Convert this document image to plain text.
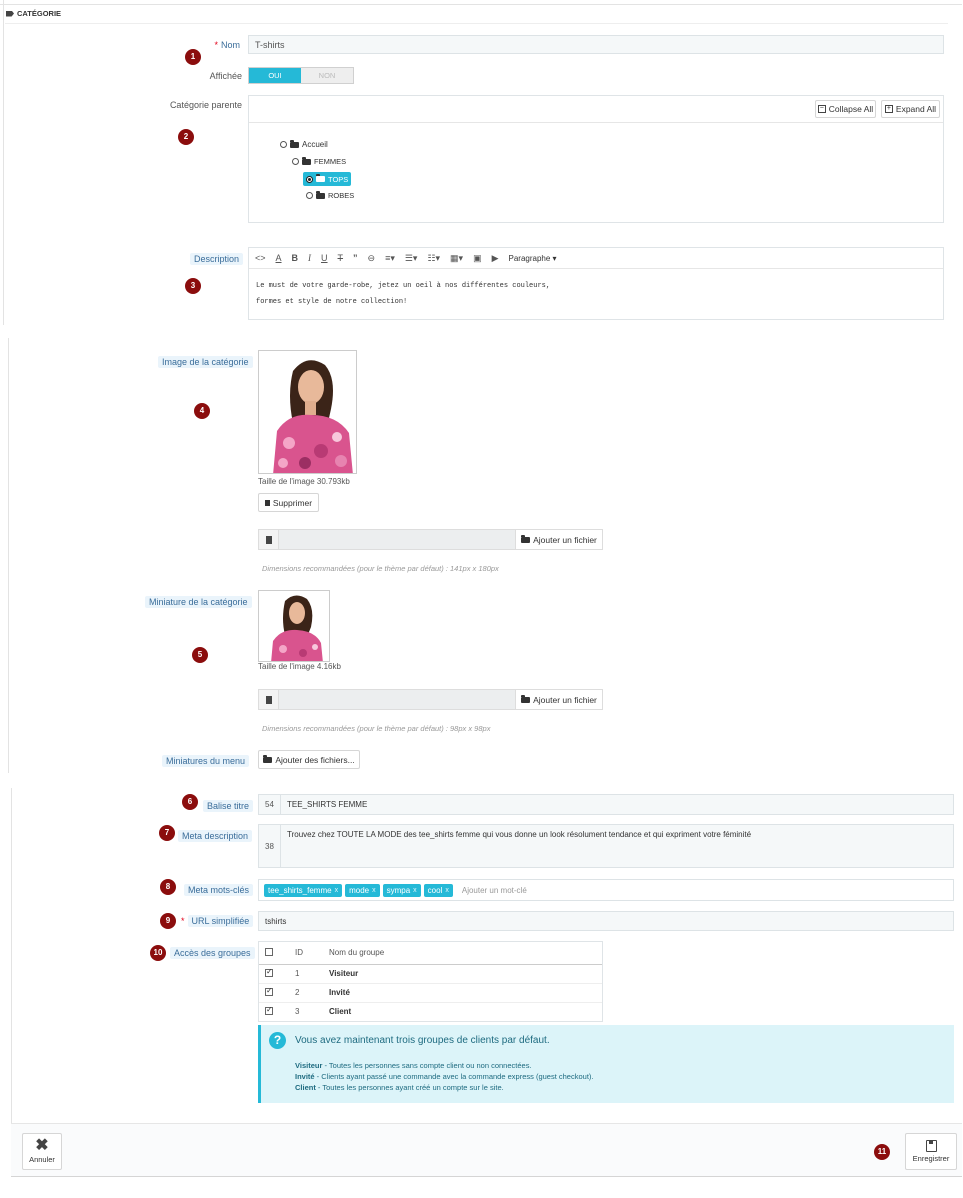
CATÉGORIE
1
* Nom	T-shirts
Affichée	OUI	NON
Catégorie parente
2
− Collapse All + Expand All
Accueil
FEMMES
TOPS
ROBES
Description
3
<> A B I U T ” ⊖ ≡▾ ☰▾ ☷▾ ▦▾ ▣ ▶ Paragraphe ▾
Le must de votre garde-robe, jetez un oeil à nos différentes couleurs,
formes et style de notre collection!
Image de la catégorie
4
Taille de l'image 30.793kb
Supprimer
Ajouter un fichier
Dimensions recommandées (pour le thème par défaut) : 141px x 180px
Miniature de la catégorie
5
Taille de l'image 4.16kb
Ajouter un fichier
Dimensions recommandées (pour le thème par défaut) : 98px x 98px
Miniatures du menu	Ajouter des fichiers...
6	Balise titre	54	TEE_SHIRTS FEMME
7	Meta description
38
Trouvez chez TOUTE LA MODE des tee_shirts femme qui vous donne un look résolument tendance et qui expriment votre féminité
8	Meta mots-clés	tee_shirts_femme x mode x sympa x cool x Ajouter un mot-clé
9	* URL simplifiée	tshirts
10	Accès des groupes
		ID	Nom du groupe
✓	1	Visiteur
✓	2	Invité
✓	3	Client
?	Vous avez maintenant trois groupes de clients par défaut.
Visiteur - Toutes les personnes sans compte client ou non connectées.
Invité - Clients ayant passé une commande avec la commande express (guest checkout).
Client - Toutes les personnes ayant créé un compte sur le site.
✖
Annuler
11
Enregistrer
